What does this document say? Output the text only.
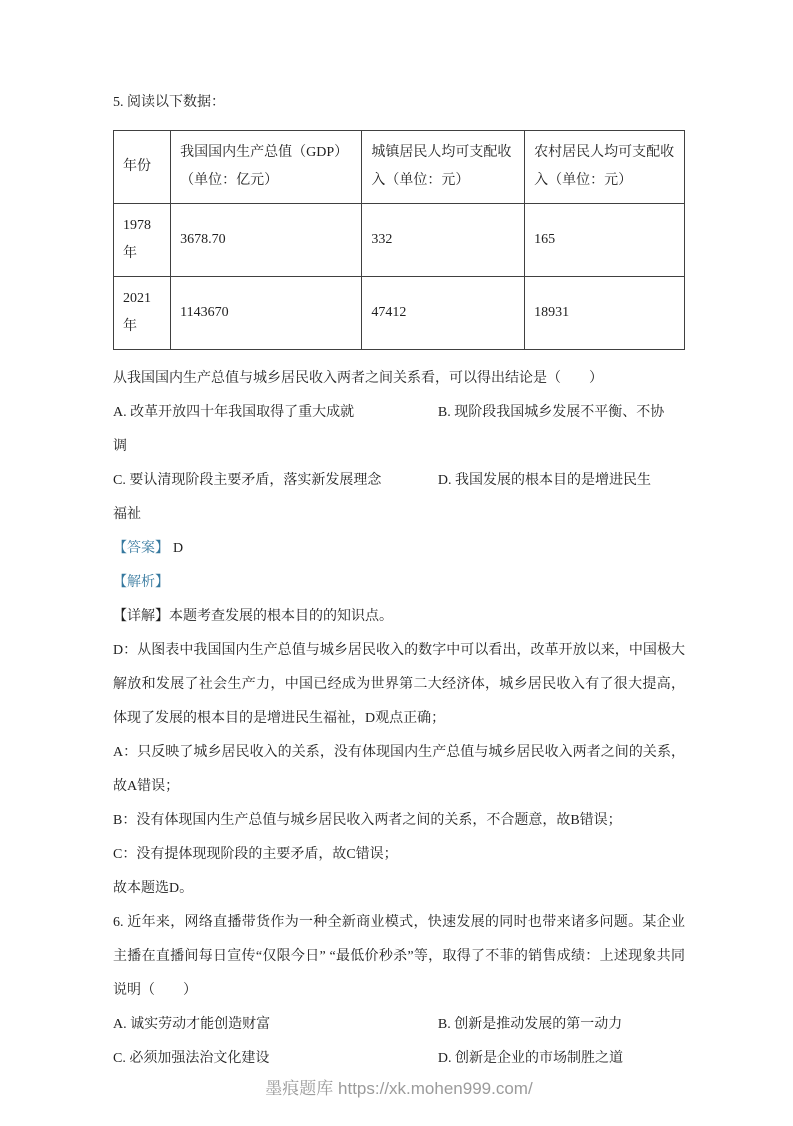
5. 阅读以下数据：

年份	我国国内生产总值（GDP）（单位：亿元）	城镇居民人均可支配收入（单位：元）	农村居民人均可支配收入（单位：元）
1978年	3678.70	332	165
2021年	1143670	47412	18931

从我国国内生产总值与城乡居民收入两者之间关系看，可以得出结论是（　　）

A. 改革开放四十年我国取得了重大成就	B. 现阶段我国城乡发展不平衡、不协
调
C. 要认清现阶段主要矛盾，落实新发展理念	D. 我国发展的根本目的是增进民生
福祉

【答案】 D

【解析】

【详解】本题考查发展的根本目的的知识点。

D：从图表中我国国内生产总值与城乡居民收入的数字中可以看出，改革开放以来，中国极大解放和发展了社会生产力，中国已经成为世界第二大经济体，城乡居民收入有了很大提高，体现了发展的根本目的是增进民生福祉，D观点正确；

A：只反映了城乡居民收入的关系，没有体现国内生产总值与城乡居民收入两者之间的关系，故A错误；

B：没有体现国内生产总值与城乡居民收入两者之间的关系，不合题意，故B错误；

C：没有提体现现阶段的主要矛盾，故C错误；

故本题选D。

6. 近年来，网络直播带货作为一种全新商业模式，快速发展的同时也带来诸多问题。某企业主播在直播间每日宣传“仅限今日” “最低价秒杀”等，取得了不菲的销售成绩：上述现象共同说明（　　）

A. 诚实劳动才能创造财富	B. 创新是推动发展的第一动力
C. 必须加强法治文化建设	D. 创新是企业的市场制胜之道
墨痕题库 https://xk.mohen999.com/
